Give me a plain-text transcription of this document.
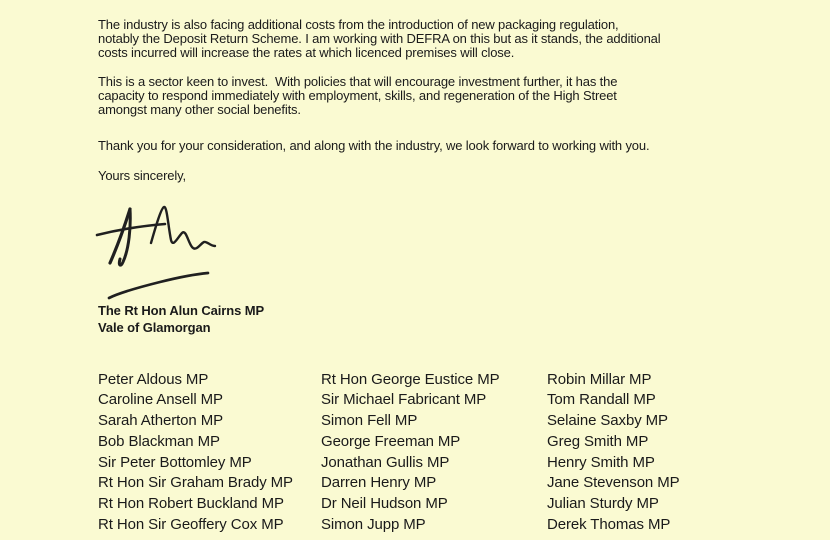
The industry is also facing additional costs from the introduction of new packaging regulation,
notably the Deposit Return Scheme. I am working with DEFRA on this but as it stands, the additional
costs incurred will increase the rates at which licenced premises will close.
This is a sector keen to invest.  With policies that will encourage investment further, it has the
capacity to respond immediately with employment, skills, and regeneration of the High Street
amongst many other social benefits.
Thank you for your consideration, and along with the industry, we look forward to working with you.
Yours sincerely,
The Rt Hon Alun Cairns MP
Vale of Glamorgan
Peter Aldous MP
Caroline Ansell MP
Sarah Atherton MP
Bob Blackman MP
Sir Peter Bottomley MP
Rt Hon Sir Graham Brady MP
Rt Hon Robert Buckland MP
Rt Hon Sir Geoffery Cox MP
Rt Hon George Eustice MP
Sir Michael Fabricant MP
Simon Fell MP
George Freeman MP
Jonathan Gullis MP
Darren Henry MP
Dr Neil Hudson MP
Simon Jupp MP
Robin Millar MP
Tom Randall MP
Selaine Saxby MP
Greg Smith MP
Henry Smith MP
Jane Stevenson MP
Julian Sturdy MP
Derek Thomas MP
